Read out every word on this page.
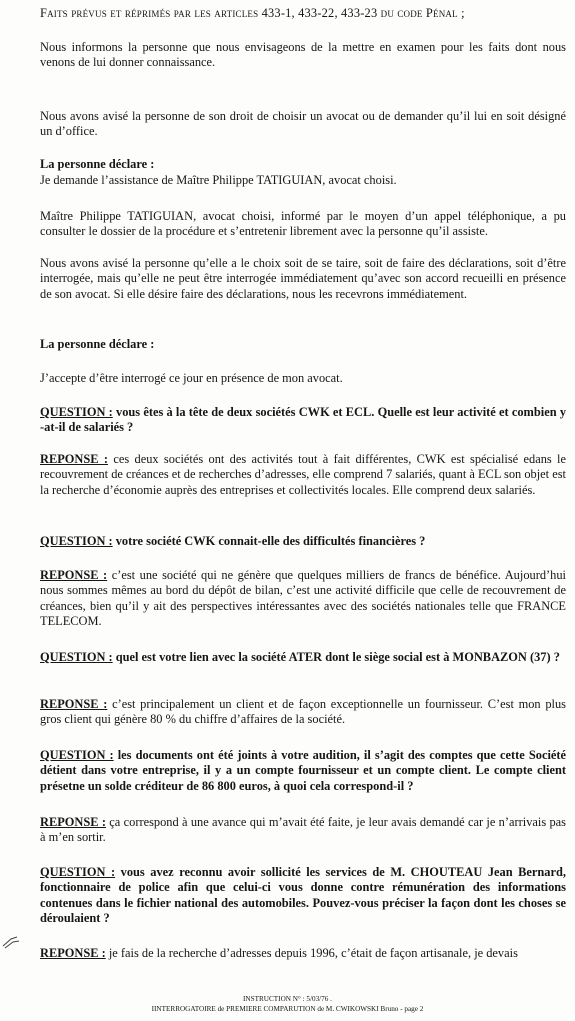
Faits prévus et réprimés par les articles 433-1, 433-22, 433-23 du code Pénal ;

Nous informons la personne que nous envisageons de la mettre en examen pour les faits dont nous venons de lui donner connaissance.

Nous avons avisé la personne de son droit de choisir un avocat ou de demander qu’il lui en soit désigné un d’office.

La personne déclare :

Je demande l’assistance de Maître Philippe TATIGUIAN, avocat choisi.

Maître Philippe TATIGUIAN, avocat choisi, informé par le moyen d’un appel téléphonique, a pu consulter le dossier de la procédure et s’entretenir librement avec la personne qu’il assiste.

Nous avons avisé la personne qu’elle a le choix soit de se taire, soit de faire des déclarations, soit d’être interrogée, mais qu’elle ne peut être interrogée immédiatement qu’avec son accord recueilli en présence de son avocat. Si elle désire faire des déclarations, nous les recevrons immédiatement.

La personne déclare :

J’accepte d’être interrogé ce jour en présence de mon avocat.

QUESTION : vous êtes à la tête de deux sociétés CWK et ECL. Quelle est leur activité et combien y -at-il de salariés ?

REPONSE : ces deux sociétés ont des activités tout à fait différentes, CWK est spécialisé edans le recouvrement de créances et de recherches d’adresses, elle comprend 7 salariés, quant à ECL son objet est la recherche d’économie auprès des entreprises et collectivités locales. Elle comprend deux salariés.

QUESTION : votre société CWK connait-elle des difficultés financières ?

REPONSE : c’est une société qui ne génère que quelques milliers de francs de bénéfice. Aujourd’hui nous sommes mêmes au bord du dépôt de bilan, c’est une activité difficile que celle de recouvrement de créances, bien qu’il y ait des perspectives intéressantes avec des sociétés nationales telle que FRANCE TELECOM.

QUESTION : quel est votre lien avec la société ATER dont le siège social est à MONBAZON (37) ?

REPONSE : c’est principalement un client et de façon exceptionnelle un fournisseur. C’est mon plus gros client qui génère 80 % du chiffre d’affaires de la société.

QUESTION : les documents ont été joints à votre audition, il s’agit des comptes que cette Société détient dans votre entreprise, il y a un compte fournisseur et un compte client. Le compte client présetne un solde créditeur de 86 800 euros, à quoi cela correspond-il ?

REPONSE : ça correspond à une avance qui m’avait été faite, je leur avais demandé car je n’arrivais pas à m’en sortir.

QUESTION : vous avez reconnu avoir sollicité les services de M. CHOUTEAU Jean Bernard, fonctionnaire de police afin que celui-ci vous donne contre rémunération des informations contenues dans le fichier national des automobiles. Pouvez-vous préciser la façon dont les choses se déroulaient ?

REPONSE : je fais de la recherche d’adresses depuis 1996, c’était de façon artisanale, je devais

INSTRUCTION N° : 5/03/76 .
IINTERROGATOIRE de PREMIERE COMPARUTION de M. CWIKOWSKI Bruno - page 2
